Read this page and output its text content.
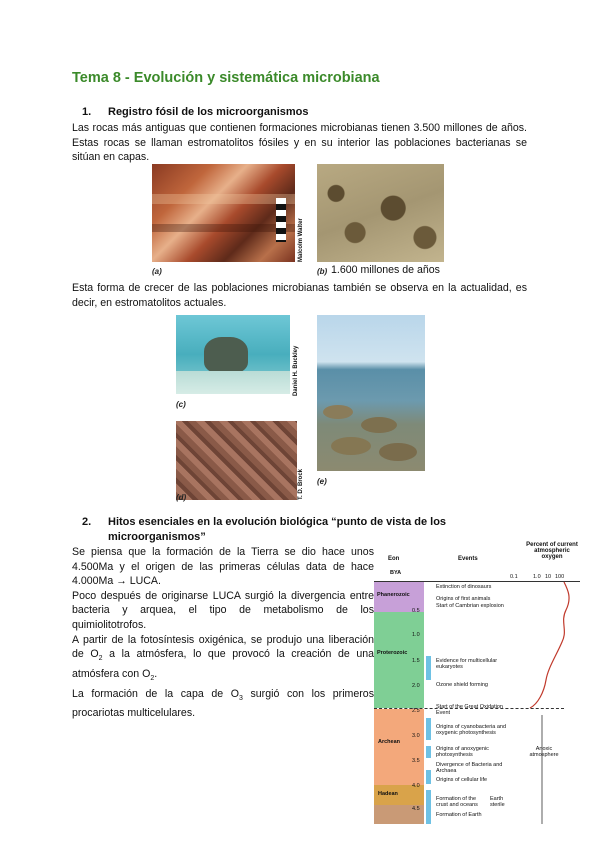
Tema 8 - Evolución y sistemática microbiana
1. Registro fósil de los microorganismos
Las rocas más antiguas que contienen formaciones microbianas tienen 3.500 millones de años. Estas rocas se llaman estromatolitos fósiles y en su interior las poblaciones bacterianas se sitúan en capas.
Malcolm Walter
(a)	(b) 1.600 millones de años
Esta forma de crecer de las poblaciones microbianas también se observa en la actualidad, es decir, en estromatolitos actuales.
Daniel H. Buckley
(c)
(e)
T. D. Brock
(d)
2. Hitos esenciales en la evolución biológica “punto de vista de los
microorganismos”
Se piensa que la formación de la Tierra se dio hace unos 4.500Ma y el origen de las primeras células data de hace 4.000Ma → LUCA.
Poco después de originarse LUCA surgió la divergencia entre bacteria y arquea, el tipo de metabolismo de los quimiolitotrofos.
A partir de la fotosíntesis oxigénica, se produjo una liberación de $O_2$ a la atmósfera, lo que provocó la creación de una atmósfera con $O_2$.
La formación de la capa de $O_3$ surgió con los primeros procariotas multicelulares.
Eon	Events
Percent of current atmospheric oxygen
BYA
0.1	1.0 10 100
Phanerozoic
Proterozoic
Archean
Hadean
0.5
1.0
1.5
2.0
2.5
3.0
3.5
4.0
4.5
Extinction of dinosaurs
Origins of first animals
Start of Cambrian explosion
Evidence for multicellular eukaryotes
Ozone shield forming
Start of the Great Oxidation Event
Origins of cyanobacteria and oxygenic photosynthesis
Origins of anoxygenic photosynthesis
Divergence of Bacteria and Archaea
Origins of cellular life
Formation of the crust and oceans
Formation of Earth
Earth sterile
Anoxic atmosphere
